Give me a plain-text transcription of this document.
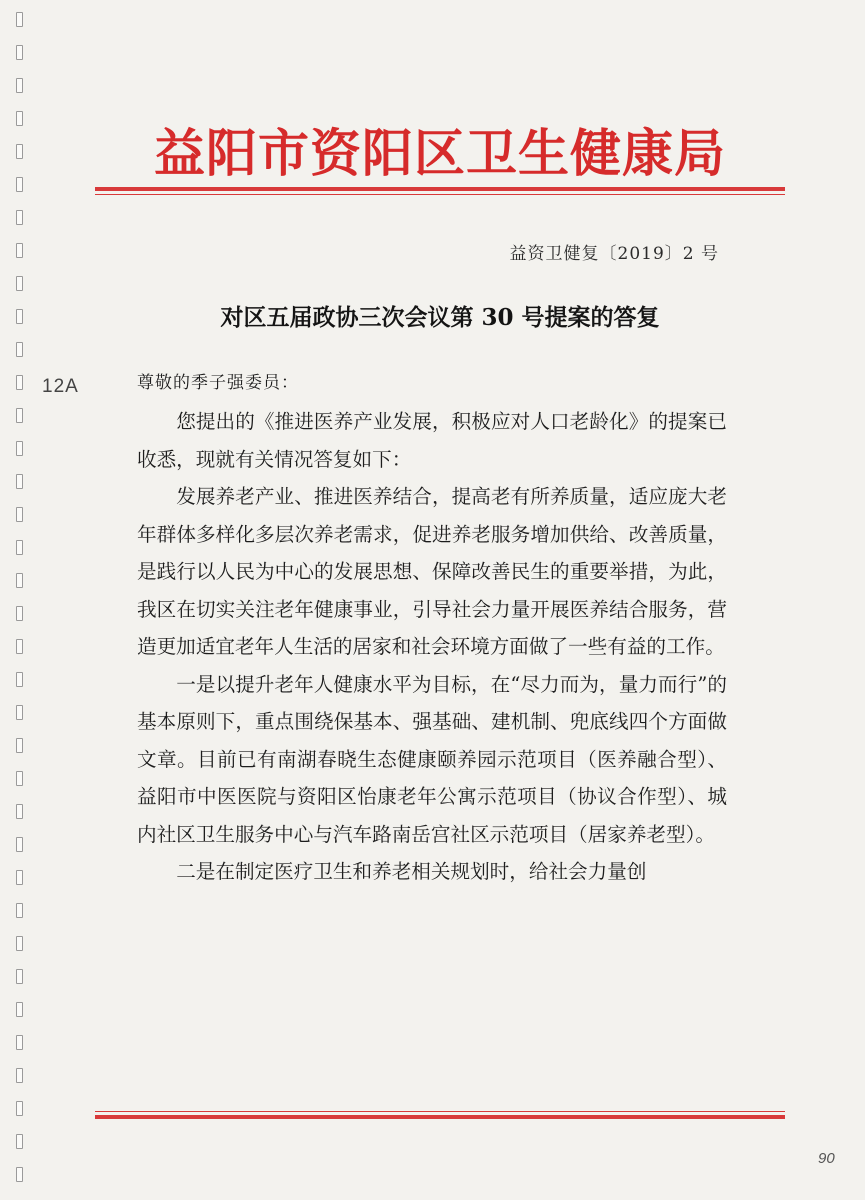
12A
益阳市资阳区卫生健康局
益资卫健复〔2019〕2 号
对区五届政协三次会议第 30 号提案的答复
尊敬的季子强委员：

您提出的《推进医养产业发展，积极应对人口老龄化》的提案已收悉，现就有关情况答复如下：

发展养老产业、推进医养结合，提高老有所养质量，适应庞大老年群体多样化多层次养老需求，促进养老服务增加供给、改善质量，是践行以人民为中心的发展思想、保障改善民生的重要举措，为此，我区在切实关注老年健康事业，引导社会力量开展医养结合服务，营造更加适宜老年人生活的居家和社会环境方面做了一些有益的工作。

一是以提升老年人健康水平为目标，在“尽力而为，量力而行”的基本原则下，重点围绕保基本、强基础、建机制、兜底线四个方面做文章。目前已有南湖春晓生态健康颐养园示范项目（医养融合型）、益阳市中医医院与资阳区怡康老年公寓示范项目（协议合作型）、城内社区卫生服务中心与汽车路南岳宫社区示范项目（居家养老型）。

二是在制定医疗卫生和养老相关规划时，给社会力量创

90
